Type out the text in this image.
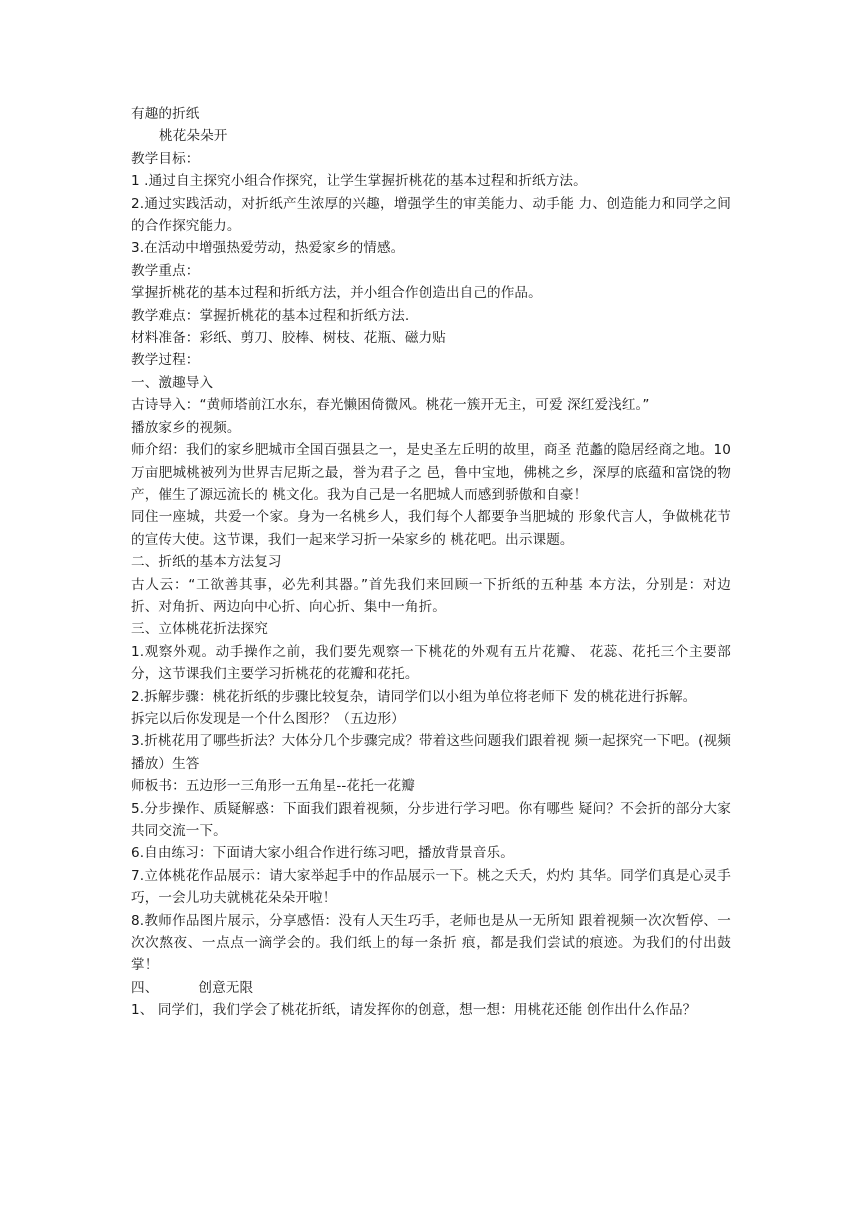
有趣的折纸

桃花朵朵开

教学目标：

1 .通过自主探究小组合作探究，让学生掌握折桃花的基本过程和折纸方法。

2.通过实践活动，对折纸产生浓厚的兴趣，增强学生的审美能力、动手能 力、创造能力和同学之间的合作探究能力。

3.在活动中增强热爱劳动，热爱家乡的情感。

教学重点：

掌握折桃花的基本过程和折纸方法，并小组合作创造出自己的作品。

教学难点：掌握折桃花的基本过程和折纸方法.

材料准备：彩纸、剪刀、胶棒、树枝、花瓶、磁力贴

教学过程：

一、激趣导入

古诗导入：“黄师塔前江水东，春光懒困倚微风。桃花一簇开无主，可爱 深红爱浅红。”

播放家乡的视频。

师介绍：我们的家乡肥城市全国百强县之一，是史圣左丘明的故里，商圣 范蠡的隐居经商之地。10 万亩肥城桃被列为世界吉尼斯之最，誉为君子之 邑，鲁中宝地，佛桃之乡，深厚的底蕴和富饶的物产，催生了源远流长的 桃文化。我为自己是一名肥城人而感到骄傲和自豪！

同住一座城，共爱一个家。身为一名桃乡人，我们每个人都要争当肥城的 形象代言人，争做桃花节的宣传大使。这节课，我们一起来学习折一朵家乡的 桃花吧。出示课题。

二、折纸的基本方法复习

古人云：“工欲善其事，必先利其器。”首先我们来回顾一下折纸的五种基 本方法，分别是：对边折、对角折、两边向中心折、向心折、集中一角折。

三、立体桃花折法探究

1.观察外观。动手操作之前，我们要先观察一下桃花的外观有五片花瓣、 花蕊、花托三个主要部分，这节课我们主要学习折桃花的花瓣和花托。

2.拆解步骤：桃花折纸的步骤比较复杂，请同学们以小组为单位将老师下 发的桃花进行拆解。

拆完以后你发现是一个什么图形？（五边形）

3.折桃花用了哪些折法？大体分几个步骤完成？带着这些问题我们跟着视 频一起探究一下吧。(视频播放）生答

师板书：五边形一三角形一五角星--花托一花瓣

5.分步操作、质疑解惑：下面我们跟着视频，分步进行学习吧。你有哪些 疑问？不会折的部分大家共同交流一下。

6.自由练习：下面请大家小组合作进行练习吧，播放背景音乐。

7.立体桃花作品展示：请大家举起手中的作品展示一下。桃之夭夭，灼灼 其华。同学们真是心灵手巧，一会儿功夫就桃花朵朵开啦！

8.教师作品图片展示，分享感悟：没有人天生巧手，老师也是从一无所知 跟着视频一次次暂停、一次次熬夜、一点点一滴学会的。我们纸上的每一条折 痕，都是我们尝试的痕迹。为我们的付出鼓掌！

四、	创意无限

1、 同学们，我们学会了桃花折纸，请发挥你的创意，想一想：用桃花还能 创作出什么作品？
